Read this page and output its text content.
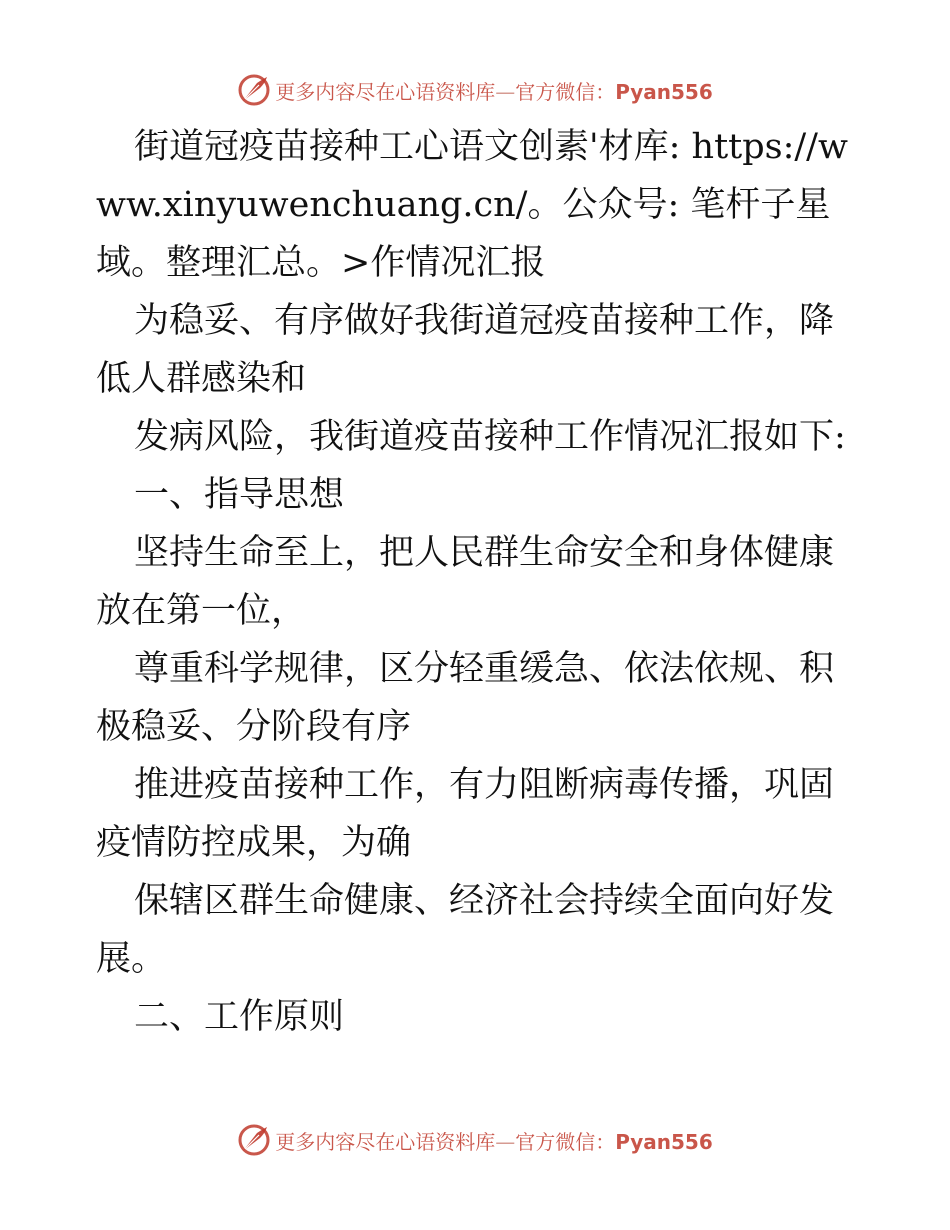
更多内容尽在心语资料库—官方微信：Pyan556

街道冠疫苗接种工心语文创素'材库: https://www.xinyuwenchuang.cn/。公众号: 笔杆子星域。整理汇总。>作情况汇报

为稳妥、有序做好我街道冠疫苗接种工作，降低人群感染和

发病风险，我街道疫苗接种工作情况汇报如下:

一、指导思想

坚持生命至上，把人民群生命安全和身体健康放在第一位，

尊重科学规律，区分轻重缓急、依法依规、积极稳妥、分阶段有序

推进疫苗接种工作，有力阻断病毒传播，巩固疫情防控成果，为确

保辖区群生命健康、经济社会持续全面向好发展。

二、工作原则

更多内容尽在心语资料库—官方微信：Pyan556
